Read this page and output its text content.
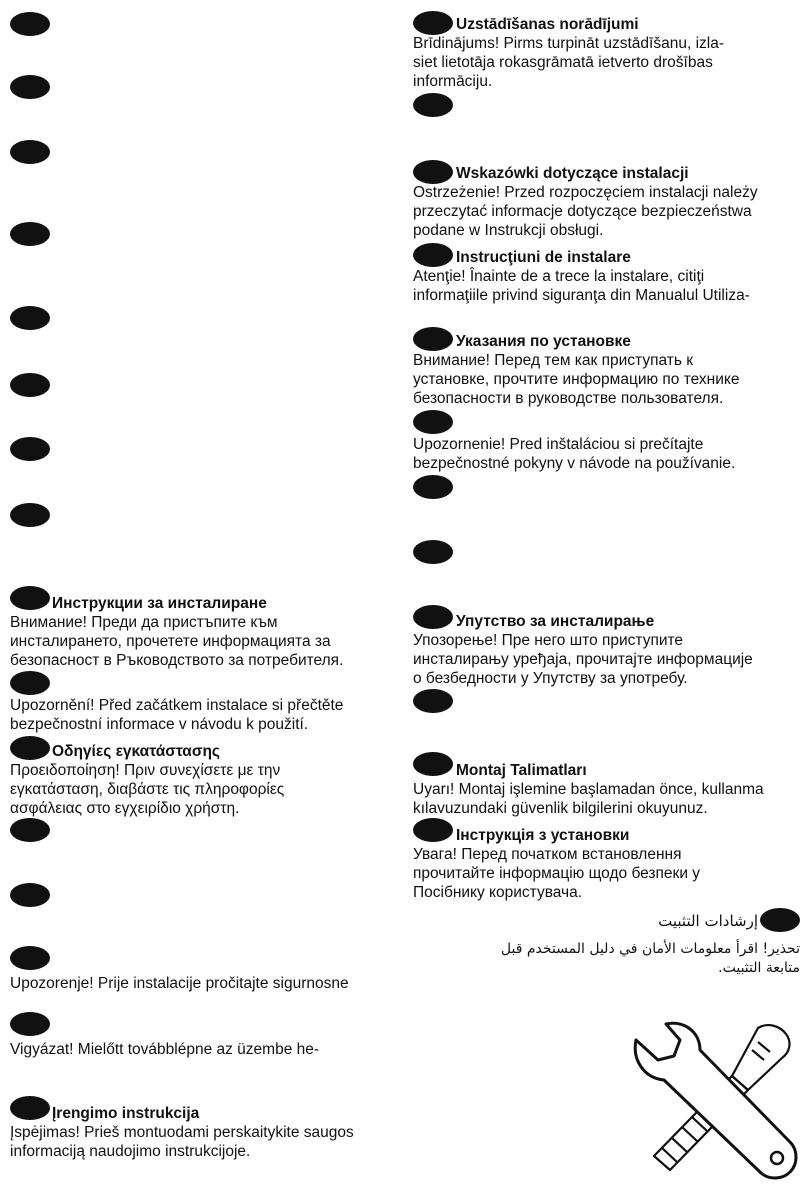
Uzstādīšanas norādījumi
Brīdinājums! Pirms turpināt uzstādīšanu, izla-
siet lietotāja rokasgrāmatā ietverto drošības
informāciju.
Wskazówki dotyczące instalacji
Ostrzeżenie! Przed rozpoczęciem instalacji należy
przeczytać informacje dotyczące bezpieczeństwa
podane w Instrukcji obsługi.
Instrucţiuni de instalare
Atenţie! Înainte de a trece la instalare, citiţi
informaţiile privind siguranţa din Manualul Utiliza-
Указания по установке
Внимание! Перед тем как приступать к
установке, прочтите информацию по технике
безопасности в руководстве пользователя.
Upozornenie! Pred inštaláciou si prečítajte
bezpečnostné pokyny v návode na používanie.
Упутство за инсталирање
Упозорење! Пре него што приступите
инсталирању уређаја, прочитајте информације
о безбедности у Упутству за употребу.
Montaj Talimatları
Uyarı! Montaj işlemine başlamadan önce, kullanma
kılavuzundaki güvenlik bilgilerini okuyunuz.
Інструкція з установки
Увага! Перед початком встановлення
прочитайте інформацію щодо безпеки у
Посібнику користувача.
إرشادات التثبيت
تحذير! اقرأ معلومات الأمان في دليل المستخدم قبل
متابعة التثبيت.
Инструкции за инсталиране
Внимание! Преди да пристъпите към
инсталирането, прочетете информацията за
безопасност в Ръководството за потребителя.
Upozornění! Před začátkem instalace si přečtěte
bezpečnostní informace v návodu k použití.
Οδηγίες εγκατάστασης
Προειδοποίηση! Πριν συνεχίσετε με την
εγκατάσταση, διαβάστε τις πληροφορίες
ασφάλειας στο εγχειρίδιο χρήστη.
Upozorenje! Prije instalacije pročitajte sigurnosne
Vigyázat! Mielőtt továbblépne az üzembe he-
Įrengimo instrukcija
Įspėjimas! Prieš montuodami perskaitykite saugos
informaciją naudojimo instrukcijoje.
